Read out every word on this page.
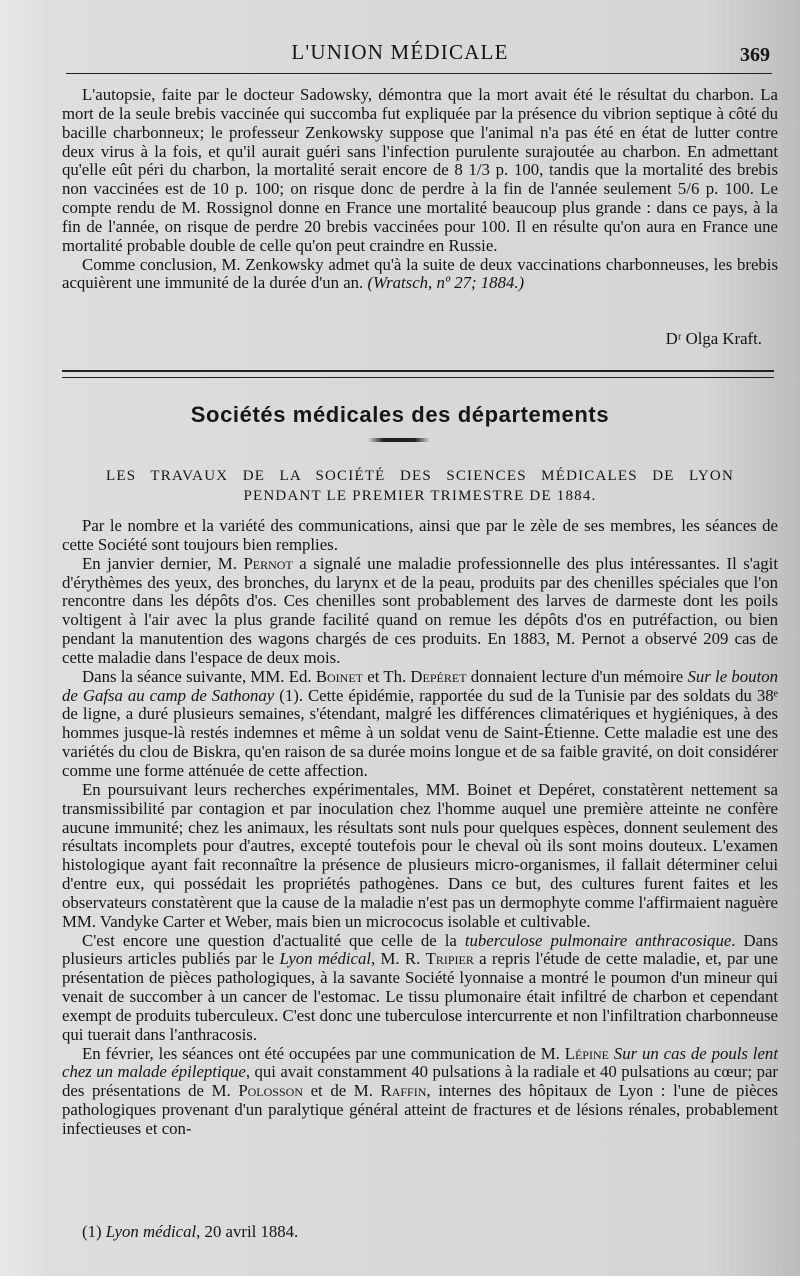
L'UNION MÉDICALE	369

L'autopsie, faite par le docteur Sadowsky, démontra que la mort avait été le résultat du charbon. La mort de la seule brebis vaccinée qui succomba fut expliquée par la présence du vibrion septique à côté du bacille charbonneux; le professeur Zenkowsky suppose que l'animal n'a pas été en état de lutter contre deux virus à la fois, et qu'il aurait guéri sans l'infection purulente surajoutée au charbon. En admettant qu'elle eût péri du charbon, la mortalité serait encore de 8 1/3 p. 100, tandis que la mortalité des brebis non vaccinées est de 10 p. 100; on risque donc de perdre à la fin de l'année seulement 5/6 p. 100. Le compte rendu de M. Rossignol donne en France une mortalité beaucoup plus grande : dans ce pays, à la fin de l'année, on risque de perdre 20 brebis vaccinées pour 100. Il en résulte qu'on aura en France une mortalité probable double de celle qu'on peut craindre en Russie.

Comme conclusion, M. Zenkowsky admet qu'à la suite de deux vaccinations charbonneuses, les brebis acquièrent une immunité de la durée d'un an. (Wratsch, nº 27; 1884.)

Dʳ Olga Kraft.
Sociétés médicales des départements
LES TRAVAUX DE LA SOCIÉTÉ DES SCIENCES MÉDICALES DE LYON
PENDANT LE PREMIER TRIMESTRE DE 1884.

Par le nombre et la variété des communications, ainsi que par le zèle de ses membres, les séances de cette Société sont toujours bien remplies.

En janvier dernier, M. Pernot a signalé une maladie professionnelle des plus intéressantes. Il s'agit d'érythèmes des yeux, des bronches, du larynx et de la peau, produits par des chenilles spéciales que l'on rencontre dans les dépôts d'os. Ces chenilles sont probablement des larves de darmeste dont les poils voltigent à l'air avec la plus grande facilité quand on remue les dépôts d'os en putréfaction, ou bien pendant la manutention des wagons chargés de ces produits. En 1883, M. Pernot a observé 209 cas de cette maladie dans l'espace de deux mois.

Dans la séance suivante, MM. Ed. Boinet et Th. Depéret donnaient lecture d'un mémoire Sur le bouton de Gafsa au camp de Sathonay (1). Cette épidémie, rapportée du sud de la Tunisie par des soldats du 38ᵉ de ligne, a duré plusieurs semaines, s'étendant, malgré les différences climatériques et hygiéniques, à des hommes jusque-là restés indemnes et même à un soldat venu de Saint-Étienne. Cette maladie est une des variétés du clou de Biskra, qu'en raison de sa durée moins longue et de sa faible gravité, on doit considérer comme une forme atténuée de cette affection.

En poursuivant leurs recherches expérimentales, MM. Boinet et Depéret, constatèrent nettement sa transmissibilité par contagion et par inoculation chez l'homme auquel une première atteinte ne confère aucune immunité; chez les animaux, les résultats sont nuls pour quelques espèces, donnent seulement des résultats incomplets pour d'autres, excepté toutefois pour le cheval où ils sont moins douteux. L'examen histologique ayant fait reconnaître la présence de plusieurs micro-organismes, il fallait déterminer celui d'entre eux, qui possédait les propriétés pathogènes. Dans ce but, des cultures furent faites et les observateurs constatèrent que la cause de la maladie n'est pas un dermophyte comme l'affirmaient naguère MM. Vandyke Carter et Weber, mais bien un micrococus isolable et cultivable.

C'est encore une question d'actualité que celle de la tuberculose pulmonaire anthracosique. Dans plusieurs articles publiés par le Lyon médical, M. R. Tripier a repris l'étude de cette maladie, et, par une présentation de pièces pathologiques, à la savante Société lyonnaise a montré le poumon d'un mineur qui venait de succomber à un cancer de l'estomac. Le tissu plumonaire était infiltré de charbon et cependant exempt de produits tuberculeux. C'est donc une tuberculose intercurrente et non l'infiltration charbonneuse qui tuerait dans l'anthracosis.

En février, les séances ont été occupées par une communication de M. Lépine Sur un cas de pouls lent chez un malade épileptique, qui avait constamment 40 pulsations à la radiale et 40 pulsations au cœur; par des présentations de M. Polosson et de M. Raffin, internes des hôpitaux de Lyon : l'une de pièces pathologiques provenant d'un paralytique général atteint de fractures et de lésions rénales, probablement infectieuses et con-

(1) Lyon médical, 20 avril 1884.
